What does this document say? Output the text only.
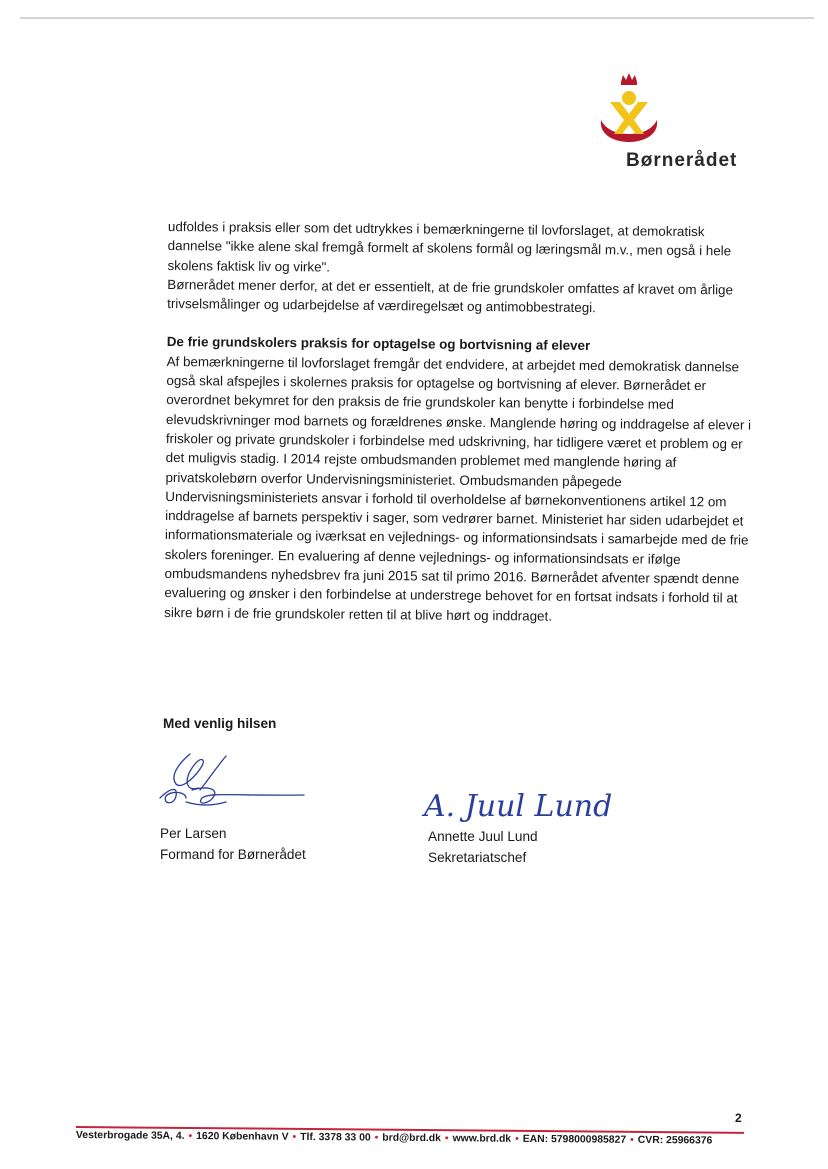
Børnerådet

udfoldes i praksis eller som det udtrykkes i bemærkningerne til lovforslaget, at demokratisk dannelse "ikke alene skal fremgå formelt af skolens formål og læringsmål m.v., men også i hele skolens faktisk liv og virke".

Børnerådet mener derfor, at det er essentielt, at de frie grundskoler omfattes af kravet om årlige trivselsmålinger og udarbejdelse af værdiregelsæt og antimobbestrategi.

De frie grundskolers praksis for optagelse og bortvisning af elever

Af bemærkningerne til lovforslaget fremgår det endvidere, at arbejdet med demokratisk dannelse også skal afspejles i skolernes praksis for optagelse og bortvisning af elever. Børnerådet er overordnet bekymret for den praksis de frie grundskoler kan benytte i forbindelse med elevudskrivninger mod barnets og forældrenes ønske. Manglende høring og inddragelse af elever i friskoler og private grundskoler i forbindelse med udskrivning, har tidligere været et problem og er det muligvis stadig. I 2014 rejste ombudsmanden problemet med manglende høring af privatskolebørn overfor Undervisningsministeriet. Ombudsmanden påpegede Undervisningsministeriets ansvar i forhold til overholdelse af børnekonventionens artikel 12 om inddragelse af barnets perspektiv i sager, som vedrører barnet. Ministeriet har siden udarbejdet et informationsmateriale og iværksat en vejlednings- og informationsindsats i samarbejde med de frie skolers foreninger. En evaluering af denne vejlednings- og informationsindsats er ifølge ombudsmandens nyhedsbrev fra juni 2015 sat til primo 2016. Børnerådet afventer spændt denne evaluering og ønsker i den forbindelse at understrege behovet for en fortsat indsats i forhold til at sikre børn i de frie grundskoler retten til at blive hørt og inddraget.

Med venlig hilsen
A. Juul Lund
Per Larsen
Formand for Børnerådet
Annette Juul Lund
Sekretariatschef
2
Vesterbrogade 35A, 4. • 1620 København V • Tlf. 3378 33 00 • brd@brd.dk • www.brd.dk • EAN: 5798000985827 • CVR: 25966376
